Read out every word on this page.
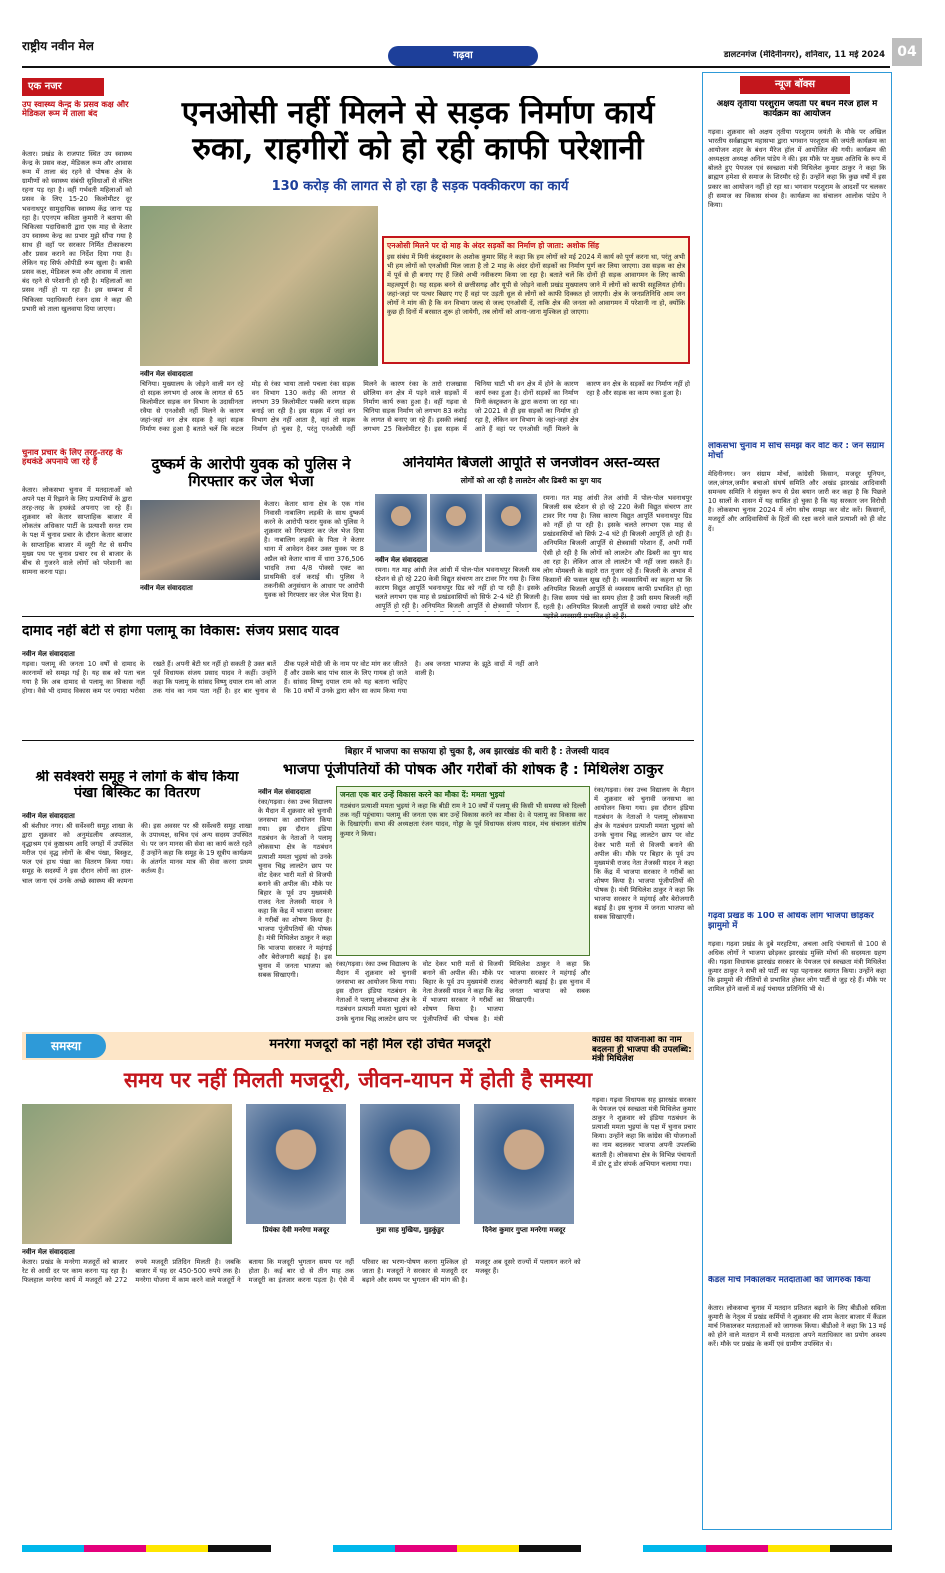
राष्ट्रीय नवीन मेल
गढ़वा	डालटनगंज (मेदिनीनगर), शनिवार, 11 मई 2024 04
एक नजर
उप स्वास्थ्य केन्द्र के प्रसव कक्ष और मेडिकल रूम में ताला बंद
केतार। प्रखंड के राजपाट स्थित उप स्वास्थ्य केन्द्र के प्रसव कक्ष, मेडिकल रूम और आवास रूम में ताला बंद रहने से पोषक क्षेत्र के ग्रामीणों को स्वास्थ्य संबंधी सुविधाओं से वंचित रहना पड़ रहा है। वहीं गर्भवती महिलाओं को प्रसव के लिए 15-20 किलोमीटर दूर भवनाथपुर सामुदायिक स्वास्थ्य केंद्र जाना पड़ रहा है। एएनएम कविता कुमारी ने बताया की चिकित्सा पदाधिकारी द्वारा एक माह से केतार उप स्वास्थ्य केन्द्र का प्रभार मुझे सौंपा गया है साथ ही वहाँ पर सरकार निर्मित टीकाकरण और प्रसव कराने का निर्देश दिया गया है। लेकिन यह सिर्फ ओपीडी रूम खुला है। बाकी प्रसव कक्ष, मेडिकल रूम और आवास में ताला बंद रहने से परेशानी हो रही है। महिलाओं का प्रसव नहीं हो पा रहा है। इस सम्बन्ध में चिकित्सा पदाधिकारी रंजन दास ने कहा की प्रभारी को ताला खुलवाया दिया जाएगा।
चुनाव प्रचार के लिए तरह-तरह के हथकंडे अपनाये जा रहे हैं
केतार। लोकसभा चुनाव में मतदाताओं को अपने पक्ष में रिझाने के लिए प्रत्याशियों के द्वारा तरह-तरह के हथकंडे अपनाए जा रहे हैं। शुक्रवार को केतार साप्ताहिक बाजार में लोकतंत्र अधिकार पार्टी के प्रत्याशी सनत राम के पक्ष में चुनाव प्रचार के दौरान केतार बाजार के साप्ताहिक बाजार में व्यूरी गेट से समीप मुख्य पथ पर चुनाव प्रचार रथ से बाजार के बीच से गुजरने वाले लोगों को परेशानी का सामना करना पड़ा।
एनओसी नहीं मिलने से सड़क निर्माण कार्य
रुका, राहगीरों को हो रही काफी परेशानी
130 करोड़ की लागत से हो रहा है सड़क पक्कीकरण का कार्य
एनओसी मिलने पर दो माह के अंदर सड़कों का निर्माण हो जाता: अशोक सिंह
इस संबंध में मिनी कंस्ट्रक्शन के अशोक कुमार सिंह ने कहा कि हम लोगों को मई 2024 में कार्य को पूर्ण करना था, परंतु अभी भी हम लोगों को एनओसी मिल जाता है तो 2 माह के अंदर दोनों सड़कों का निर्माण पूर्ण कर लिया जाएगा। उस सड़क का क्षेत्र में पूर्व से ही बनाए गए हैं जिसे अभी नवीकरण किया जा रहा है। बताते चलें कि दोनों ही सड़क आवागमन के लिए काफी महत्वपूर्ण है। यह सड़क बनने से छत्तीसगढ़ और यूपी से जोड़ने वाली प्रखंड मुख्यालय जाने में लोगों को काफी सहूलियत होगी। जहां-जहां पर पत्थर बिछाए गए हैं वहां पर उड़ती धूल से लोगों को काफी दिक्कत हो जाएगी। क्षेत्र के जनप्रतिनिधि आम जन लोगों ने मांग की है कि वन विभाग जल्द से जल्द एनओसी दें, ताकि क्षेत्र की जनता को आवागमन में परेशानी ना हो, क्योंकि कुछ ही दिनों में बरसात शुरू हो जायेगी, तब लोगों को आना-जाना मुश्किल हो जाएगा।
नवीन मेल संवाददाता
चिनिया। मुख्यालय के जोड़ने वाली मन रहे दो सड़क लगभग दो अरब के लागत से 65 किलोमीटर सड़क वन विभाग के उदासीनता रवैया से एनओसी नहीं मिलने के कारण जहां-जहां वन क्षेत्र सड़क है वहां सड़क निर्माण रुका हुआ है बताते चलें कि कटल मोड़ से रंका भाया तालो पचला रंका सड़क वन विभाग 130 करोड़ की लागत से लगभग 39 किलोमीटर पक्की करण सड़क बनाई जा रही है। इस सड़क में जहां वन विभाग क्षेत्र नहीं आता है, वहां तो सड़क निर्माण हो चुका है, परंतु एनओसी नहीं मिलने के कारण रंका के तारो राजखास छोलिया वन क्षेत्र में पड़ने वाले सड़कों में निर्माण कार्य रुका हुआ है। वहीं गढ़वा से चिनिया सड़क निर्माण जो लगभग 83 करोड़ के लागत से बनाए जा रहे हैं। इसकी लंबाई लगभग 25 किलोमीटर है। इस सड़क में चिनिया घाटी भी वन क्षेत्र में होने के कारण कार्य रुका हुआ है। दोनों सड़कों का निर्माण मिनी कंस्ट्रक्शन के द्वारा कराया जा रहा था। जो 2021 से ही इस सड़कों का निर्माण हो रहा है, लेकिन वन विभाग के जहां-जहां क्षेत्र आते हैं वहां पर एनओसी नहीं मिलने के कारण वन क्षेत्र के सड़कों का निर्माण नहीं हो रहा है और सड़क का काम रुका हुआ है।
दुष्कर्म के आरोपी युवक को पुलिस ने गिरफ्तार कर जेल भेजा
नवीन मेल संवाददाता
केतार। केतार थाना क्षेत्र के एक गांव निवासी नाबालिग लड़की के साथ दुष्कर्म करने के आरोपी फरार युवक को पुलिस ने शुक्रवार को गिरफ्तार कर जेल भेज दिया है। नाबालिग लड़की के पिता ने केतार थाना में आवेदन देकर उक्त युवक पर 8 अप्रैल को केतार थाना में धारा 376,506 भादवि तथा 4/8 पोक्सो एक्ट का प्राथमिकी दर्ज कराई थी। पुलिस ने तकनीकी अनुसंधान के आधार पर आरोपी युवक को गिरफ्तार कर जेल भेज दिया है।
अनियमित बिजली आपूर्ति से जनजीवन अस्त-व्यस्त
लोगों को आ रही है लालटेन और ढिबरी का युग याद
नवीन मेल संवाददाता
रमना। गत माह आंधी तेज आंधी में पोल-पोल भवनाथपुर बिजली सब स्टेशन से हो रहे 220 केवी विद्युत संचरण तार टावर गिर गया है। जिस कारण विद्युत आपूर्ति भवनाथपुर ग्रिड को नहीं हो पा रही है। इसके चलते लगभग एक माह से प्रखंडवासियों को सिर्फ 2-4 घंटे ही बिजली आपूर्ति हो रही है। अनियमित बिजली आपूर्ति से क्षेत्रवासी परेशान हैं,
रमना। गत माह आंधी तेज आंधी में पोल-पोल भवनाथपुर बिजली सब स्टेशन से हो रहे 220 केवी विद्युत संचरण तार टावर गिर गया है। जिस कारण विद्युत आपूर्ति भवनाथपुर ग्रिड को नहीं हो पा रही है। इसके चलते लगभग एक माह से प्रखंडवासियों को सिर्फ 2-4 घंटे ही बिजली आपूर्ति हो रही है। अनियमित बिजली आपूर्ति से क्षेत्रवासी परेशान हैं, अभी गर्मी ऐसी हो रही है कि लोगों को लालटेन और ढिबरी का युग याद आ रहा है। लेकिन आज तो लालटेन भी नहीं जला सकते हैं। लोग मोमबत्ती के सहारे रात गुजार रहे हैं। बिजली के अभाव में किसानों की फसल सूख रही है। व्यवसायियों का कहना था कि अनियमित बिजली आपूर्ति से व्यवसाय काफी प्रभावित हो रहा है। जिस समय पंखे का समय होता है उसी समय बिजली नहीं रहती है। अनियमित बिजली आपूर्ति से सबसे ज्यादा छोटे और
दामाद नहीं बेटी से होगा पलामू का विकास: संजय प्रसाद यादव
नवीन मेल संवाददाता
गढ़वा। पलामू की जनता 10 वर्षों से दामाद के कारनामों को समझ गई है। यह सब को पता चल गया है कि अब दामाद से पलामू का विकास नहीं होगा। वैसे भी दामाद विकास कम पर ज्यादा भरोसा रखते हैं। अपनी बेटी घर नहीं हो सकती है उक्त बातें पूर्व विधायक संजय प्रसाद यादव ने कहीं। उन्होंने कहा कि पलामू के सांसद विष्णु दयाल राम को आज तक गांव का नाम पता नहीं है। हर बार चुनाव से ठीक पहले मोदी जी के नाम पर वोट मांग कर जीतते हैं और उसके बाद पांच साल के लिए गायब हो जाते हैं। सांसद विष्णु दयाल राम को यह बताना चाहिए कि 10 वर्षों में उनके द्वारा कौन सा काम किया गया है। अब जनता भाजपा के झूठे वादों में नहीं आने वाली है।
श्री सर्वेश्वरी समूह ने लोगों के बीच किया पंखा बिस्किट का वितरण
नवीन मेल संवाददाता
श्री बंशीधर नगर। श्री सर्वेश्वरी समूह शाखा के द्वारा शुक्रवार को अनुमंडलीय अस्पताल, वृद्धाश्रम एवं कुष्ठाश्रम आदि जगहों में उपस्थित मरीज एवं वृद्ध लोगों के बीच पंखा, बिस्कुट, फल एवं हाथ पंखा का वितरण किया गया। समूह के सदस्यों ने इस दौरान लोगों का हाल-चाल जाना एवं उनके अच्छे स्वास्थ्य की कामना की। इस अवसर पर श्री सर्वेश्वरी समूह शाखा के उपाध्यक्ष, सचिव एवं अन्य सदस्य उपस्थित थे। पर जन मानस की सेवा का कार्य करते रहते हैं उन्होंने कहा कि समूह के 19 सूत्रीय कार्यक्रम के अंतर्गत मानव मात्र की सेवा करना प्रथम कर्तव्य है।
बिहार में भाजपा का सफाया हो चुका है, अब झारखंड की बारी है : तेजस्वी यादव
भाजपा पूंजीपतियों की पोषक और गरीबों की शोषक है : मिथिलेश ठाकुर
नवीन मेल संवाददाता
रंका/गढ़वा। रंका उच्च विद्यालय के मैदान में शुक्रवार को चुनावी जनसभा का आयोजन किया गया। इस दौरान इंडिया गठबंधन के नेताओं ने पलामू लोकसभा क्षेत्र के गठबंधन प्रत्याशी ममता भुइयां को उनके चुनाव चिह्न लालटेन छाप पर वोट देकर भारी मतों से विजयी बनाने की अपील की। मौके पर बिहार के पूर्व उप मुख्यमंत्री राजद नेता तेजस्वी यादव ने कहा कि केंद्र में भाजपा सरकार ने गरीबों का शोषण किया है। भाजपा पूंजीपतियों की पोषक है। मंत्री मिथिलेश ठाकुर ने कहा कि भाजपा सरकार ने महंगाई और बेरोजगारी बढ़ाई है। इस चुनाव में जनता भाजपा को सबक सिखाएगी।
जनता एक बार उन्हें विकास करने का मौका दें: ममता भुइयां
गठबंधन प्रत्याशी ममता भुइयां ने कहा कि बीडी राम ने 10 वर्षों में पलामू की किसी भी समस्या को दिल्ली तक नहीं पहुंचाया। पलामू की जनता एक बार उन्हें विकास करने का मौका दे। वे पलामू का विकास कर के दिखाएंगी। सभा की अध्यक्षता रंजन यादव, गोड्डा के पूर्व विधायक संजय यादव, मंच संचालन संतोष कुमार ने किया।
रंका/गढ़वा। रंका उच्च विद्यालय के मैदान में शुक्रवार को चुनावी जनसभा का आयोजन किया गया। इस दौरान इंडिया गठबंधन के नेताओं ने पलामू लोकसभा क्षेत्र के गठबंधन प्रत्याशी ममता भुइयां को उनके चुनाव चिह्न लालटेन छाप पर वोट देकर भारी मतों से विजयी बनाने की अपील की। मौके पर बिहार के पूर्व उप मुख्यमंत्री राजद नेता तेजस्वी यादव ने कहा कि केंद्र में भाजपा सरकार ने गरीबों का शोषण किया है। भाजपा पूंजीपतियों की पोषक है। मंत्री मिथिलेश ठाकुर ने कहा कि भाजपा सरकार ने महंगाई और बेरोजगारी बढ़ाई है। इस चुनाव में जनता भाजपा को सबक सिखाएगी।
रंका/गढ़वा। रंका उच्च विद्यालय के मैदान में शुक्रवार को चुनावी जनसभा का आयोजन किया गया। इस दौरान इंडिया गठबंधन के नेताओं ने पलामू लोकसभा क्षेत्र के गठबंधन प्रत्याशी ममता भुइयां को उनके चुनाव चिह्न लालटेन छाप पर वोट देकर भारी मतों से विजयी बनाने की अपील की। मौके पर बिहार के पूर्व उप मुख्यमंत्री राजद नेता तेजस्वी यादव ने कहा कि केंद्र में भाजपा सरकार ने गरीबों का शोषण किया है। भाजपा पूंजीपतियों की पोषक है। मंत्री मिथिलेश ठाकुर ने कहा कि भाजपा सरकार ने महंगाई और बेरोजगारी बढ़ाई है। इस चुनाव में जनता भाजपा को सबक सिखाएगी।
समस्या	मनरेगा मजदूरों को नही मिल रही उचित मजदूरी
समय पर नहीं मिलती मजदूरी, जीवन-यापन में होती है समस्या
नवीन मेल संवाददाता
केतार। प्रखंड के मनरेगा मजदूरों को बाजार रेट से आधी दर पर काम करना पड़ रहा है। फिलहाल मनरेगा कार्य में मजदूरों को 272 रुपये मजदूरी प्रतिदिन मिलती है। जबकि बाजार में यह दर 450-500 रुपये तक है। मनरेगा योजना में काम करने वाले मजदूरों ने बताया कि मजदूरी भुगतान समय पर नहीं होता है। कई बार दो से तीन माह तक मजदूरी का इंतजार करना पड़ता है। ऐसे में परिवार का भरण-पोषण करना मुश्किल हो जाता है। मजदूरों ने सरकार से मजदूरी दर बढ़ाने और समय पर भुगतान की मांग की है। मजदूर अब दूसरे राज्यों में पलायन करने को मजबूर हैं।
प्रियंका देवी मनरेगा मजदूर	मुन्ना साह मुखिया, मुड़कुंडुर	दिनेश कुमार गुप्ता मनरेगा मजदूर
कांग्रेस की योजनाओं का नाम बदलना ही भाजपा की उपलब्धि: मंत्री मिथिलेश
गढ़वा। गढ़वा विधायक सह झारखंड सरकार के पेयजल एवं स्वच्छता मंत्री मिथिलेश कुमार ठाकुर ने शुक्रवार को इंडिया गठबंधन के प्रत्याशी ममता भुइयां के पक्ष में चुनाव प्रचार किया। उन्होंने कहा कि कांग्रेस की योजनाओं का नाम बदलकर भाजपा अपनी उपलब्धि बताती है। लोकसभा क्षेत्र के विभिन्न पंचायतों में डोर टू डोर संपर्क अभियान चलाया गया।
न्यूज बॉक्स
अक्षय तृतीया परशुराम जयंती पर बंधन मैरेज हॉल में कार्यक्रम का आयोजन
गढ़वा। शुक्रवार को अक्षय तृतीया परशुराम जयंती के मौके पर अखिल भारतीय सर्वब्राह्मण महासभा द्वारा भगवान परशुराम की जयंती कार्यक्रम का आयोजन शहर के बंधन मैरेज हॉल में आयोजित की गयी। कार्यक्रम की अध्यक्षता अध्यक्ष अनिल पांडेय ने की। इस मौके पर मुख्य अतिथि के रूप में बोलते हुए पेयजल एवं स्वच्छता मंत्री मिथिलेश कुमार ठाकुर ने कहा कि ब्राह्मण हमेशा से समाज के शिरमौर रहे हैं। उन्होंने कहा कि कुछ वर्षों में इस प्रकार का आयोजन नहीं हो रहा था। भगवान परशुराम के आदर्शों पर चलकर ही समाज का विकास संभव है। कार्यक्रम का संचालन आलोक पांडेय ने किया।
लोकसभा चुनाव में सोच समझ कर वोट करें : जन संग्राम मोर्चा
मेदिनीनगर। जन संग्राम मोर्चा, कांग्रेसी किसान, मजदूर यूनियन, जल,जंगल,जमीन बचाओ संघर्ष समिति और अखंड झारखंड आदिवासी समन्वय समिति ने संयुक्त रूप से प्रेस बयान जारी कर कहा है कि पिछले 10 सालों के शासन में यह साबित हो चुका है कि यह सरकार जन विरोधी है। लोकसभा चुनाव 2024 में लोग सोच समझ कर वोट करें। किसानों, मजदूरों और आदिवासियों के हितों की रक्षा करने वाले प्रत्याशी को ही वोट दें।
गढ़वा प्रखंड के 100 से अधिक लोग भाजपा छोड़कर झामुमो में
गढ़वा। गढ़वा प्रखंड के दुबे मरहटिया, अचला आदि पंचायतों से 100 से अधिक लोगों ने भाजपा छोड़कर झारखंड मुक्ति मोर्चा की सदस्यता ग्रहण की। गढ़वा विधायक झारखंड सरकार के पेयजल एवं स्वच्छता मंत्री मिथिलेश कुमार ठाकुर ने सभी को पार्टी का पट्टा पहनाकर स्वागत किया। उन्होंने कहा कि झामुमो की नीतियों से प्रभावित होकर लोग पार्टी से जुड़ रहे हैं। मौके पर शामिल होने वालों में कई पंचायत प्रतिनिधि भी थे।
कैंडल मार्च निकालकर मतदाताओं को जागरुक किया
केतार। लोकसभा चुनाव में मतदान प्रतिशत बढ़ाने के लिए बीडीओ सविता कुमारी के नेतृत्व में प्रखंड कर्मियों ने शुक्रवार की शाम केतार बाजार में कैंडल मार्च निकालकर मतदाताओं को जागरुक किया। बीडीओ ने कहा कि 13 मई को होने वाले मतदान में सभी मतदाता अपने मताधिकार का प्रयोग अवश्य करें। मौके पर प्रखंड के कर्मी एवं ग्रामीण उपस्थित थे।
